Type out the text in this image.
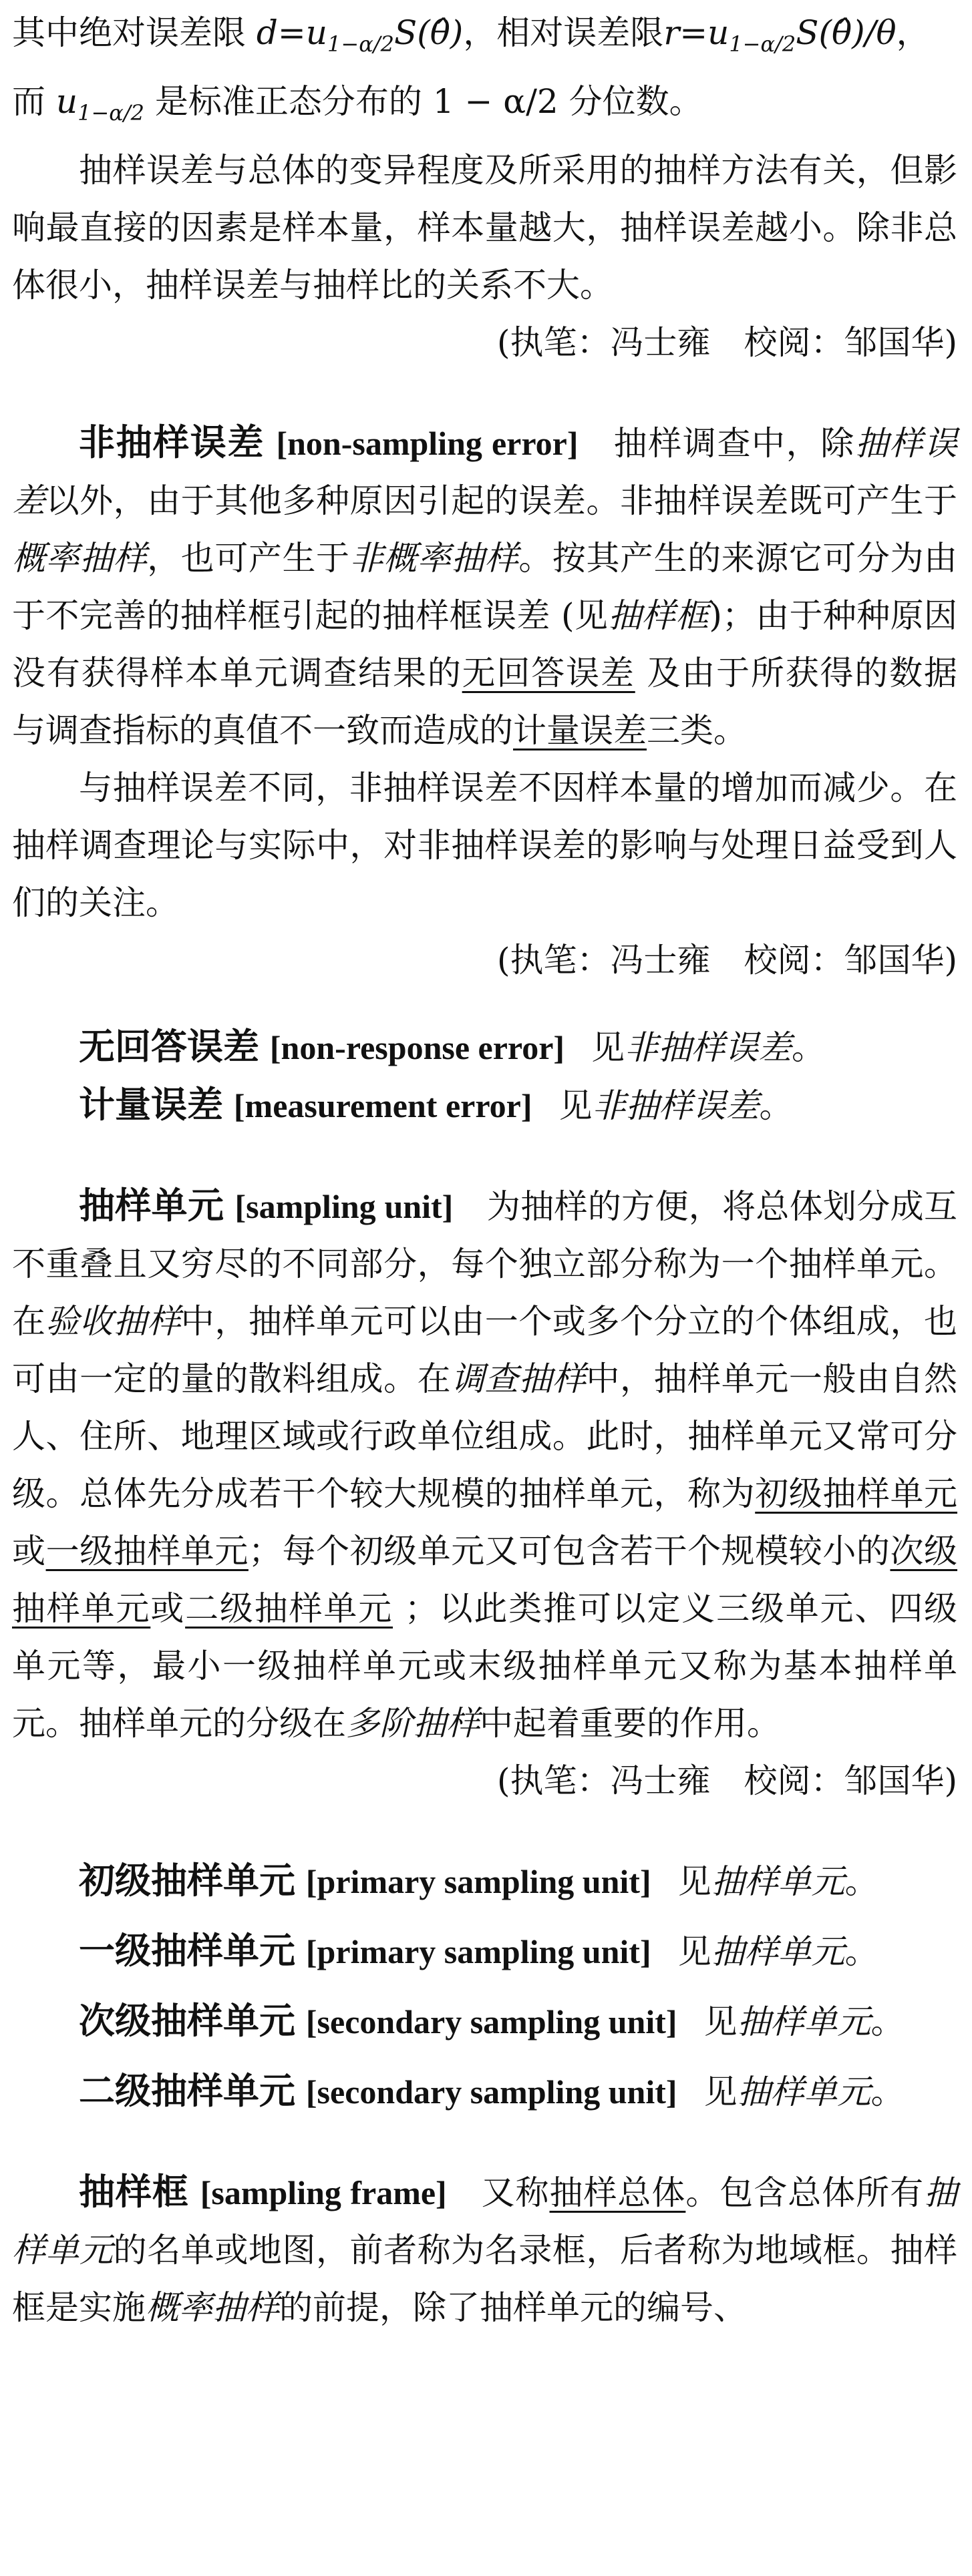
其中绝对误差限 $d=u_{1-\alpha/2}S(\thetâ)$，相对误差限$r=u_{1-\alpha/2}S(\thetâ)/\theta$，
而 $u_{1-\alpha/2}$ 是标准正态分布的 1 − α/2 分位数。

抽样误差与总体的变异程度及所采用的抽样方法有关，但影响最直接的因素是样本量，样本量越大，抽样误差越小。除非总体很小，抽样误差与抽样比的关系不大。

(执笔：冯士雍　校阅：邹国华)

非抽样误差 [non-sampling error]　抽样调查中，除抽样误差以外，由于其他多种原因引起的误差。非抽样误差既可产生于概率抽样，也可产生于非概率抽样。按其产生的来源它可分为由于不完善的抽样框引起的抽样框误差 (见抽样框)；由于种种原因没有获得样本单元调查结果的无回答误差 及由于所获得的数据与调查指标的真值不一致而造成的计量误差三类。

与抽样误差不同，非抽样误差不因样本量的增加而减少。在抽样调查理论与实际中，对非抽样误差的影响与处理日益受到人们的关注。

(执笔：冯士雍　校阅：邹国华)

无回答误差 [non-response error] 见非抽样误差。

计量误差 [measurement error] 见非抽样误差。

抽样单元 [sampling unit]　为抽样的方便，将总体划分成互不重叠且又穷尽的不同部分，每个独立部分称为一个抽样单元。在验收抽样中，抽样单元可以由一个或多个分立的个体组成，也可由一定的量的散料组成。在调查抽样中，抽样单元一般由自然人、住所、地理区域或行政单位组成。此时，抽样单元又常可分级。总体先分成若干个较大规模的抽样单元，称为初级抽样单元或一级抽样单元；每个初级单元又可包含若干个规模较小的次级抽样单元或二级抽样单元 ；以此类推可以定义三级单元、四级单元等，最小一级抽样单元或末级抽样单元又称为基本抽样单元。抽样单元的分级在多阶抽样中起着重要的作用。

(执笔：冯士雍　校阅：邹国华)

初级抽样单元 [primary sampling unit] 见抽样单元。

一级抽样单元 [primary sampling unit] 见抽样单元。

次级抽样单元 [secondary sampling unit] 见抽样单元。

二级抽样单元 [secondary sampling unit] 见抽样单元。

抽样框 [sampling frame]　又称抽样总体。包含总体所有抽样单元的名单或地图，前者称为名录框，后者称为地域框。抽样框是实施概率抽样的前提，除了抽样单元的编号、
